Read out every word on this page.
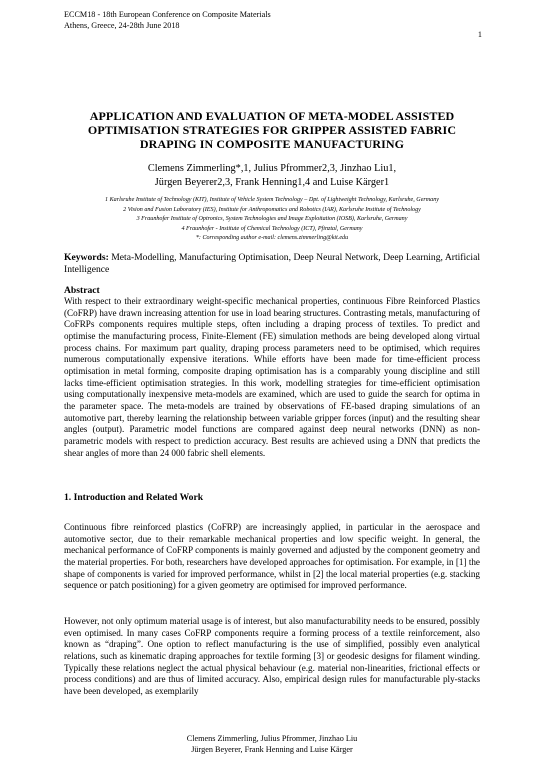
ECCM18 - 18th European Conference on Composite Materials
Athens, Greece, 24-28th June 2018
1
APPLICATION AND EVALUATION OF META-MODEL ASSISTED OPTIMISATION STRATEGIES FOR GRIPPER ASSISTED FABRIC DRAPING IN COMPOSITE MANUFACTURING
Clemens Zimmerling*,1, Julius Pfrommer2,3, Jinzhao Liu1,
Jürgen Beyerer2,3, Frank Henning1,4 and Luise Kärger1
1 Karlsruhe Institute of Technology (KIT), Institute of Vehicle System Technology – Dpt. of Lightweight Technology, Karlsruhe, Germany
2 Vision and Fusion Laboratory (IES), Institute for Anthropomatics and Robotics (IAR), Karlsruhe Institute of Technology
3 Fraunhofer Institute of Optronics, System Technologies and Image Exploitation (IOSB), Karlsruhe, Germany
4 Fraunhofer - Institute of Chemical Technology (ICT), Pfinztal, Germany
*: Corresponding author e-mail: clemens.zimmerling@kit.edu
Keywords: Meta-Modelling, Manufacturing Optimisation, Deep Neural Network, Deep Learning, Artificial Intelligence
Abstract
With respect to their extraordinary weight-specific mechanical properties, continuous Fibre Reinforced Plastics (CoFRP) have drawn increasing attention for use in load bearing structures. Contrasting metals, manufacturing of CoFRPs components requires multiple steps, often including a draping process of textiles. To predict and optimise the manufacturing process, Finite-Element (FE) simulation methods are being developed along virtual process chains. For maximum part quality, draping process parameters need to be optimised, which requires numerous computationally expensive iterations. While efforts have been made for time-efficient process optimisation in metal forming, composite draping optimisation has is a comparably young discipline and still lacks time-efficient optimisation strategies. In this work, modelling strategies for time-efficient optimisation using computationally inexpensive meta-models are examined, which are used to guide the search for optima in the parameter space. The meta-models are trained by observations of FE-based draping simulations of an automotive part, thereby learning the relationship between variable gripper forces (input) and the resulting shear angles (output). Parametric model functions are compared against deep neural networks (DNN) as non-parametric models with respect to prediction accuracy. Best results are achieved using a DNN that predicts the shear angles of more than 24 000 fabric shell elements.
1. Introduction and Related Work
Continuous fibre reinforced plastics (CoFRP) are increasingly applied, in particular in the aerospace and automotive sector, due to their remarkable mechanical properties and low specific weight. In general, the mechanical performance of CoFRP components is mainly governed and adjusted by the component geometry and the material properties. For both, researchers have developed approaches for optimisation. For example, in [1] the shape of components is varied for improved performance, whilst in [2] the local material properties (e.g. stacking sequence or patch positioning) for a given geometry are optimised for improved performance.
However, not only optimum material usage is of interest, but also manufacturability needs to be ensured, possibly even optimised. In many cases CoFRP components require a forming process of a textile reinforcement, also known as “draping”. One option to reflect manufacturing is the use of simplified, possibly even analytical relations, such as kinematic draping approaches for textile forming [3] or geodesic designs for filament winding. Typically these relations neglect the actual physical behaviour (e.g. material non-linearities, frictional effects or process conditions) and are thus of limited accuracy. Also, empirical design rules for manufacturable ply-stacks have been developed, as exemplarily
Clemens Zimmerling, Julius Pfrommer, Jinzhao Liu
Jürgen Beyerer, Frank Henning and Luise Kärger
